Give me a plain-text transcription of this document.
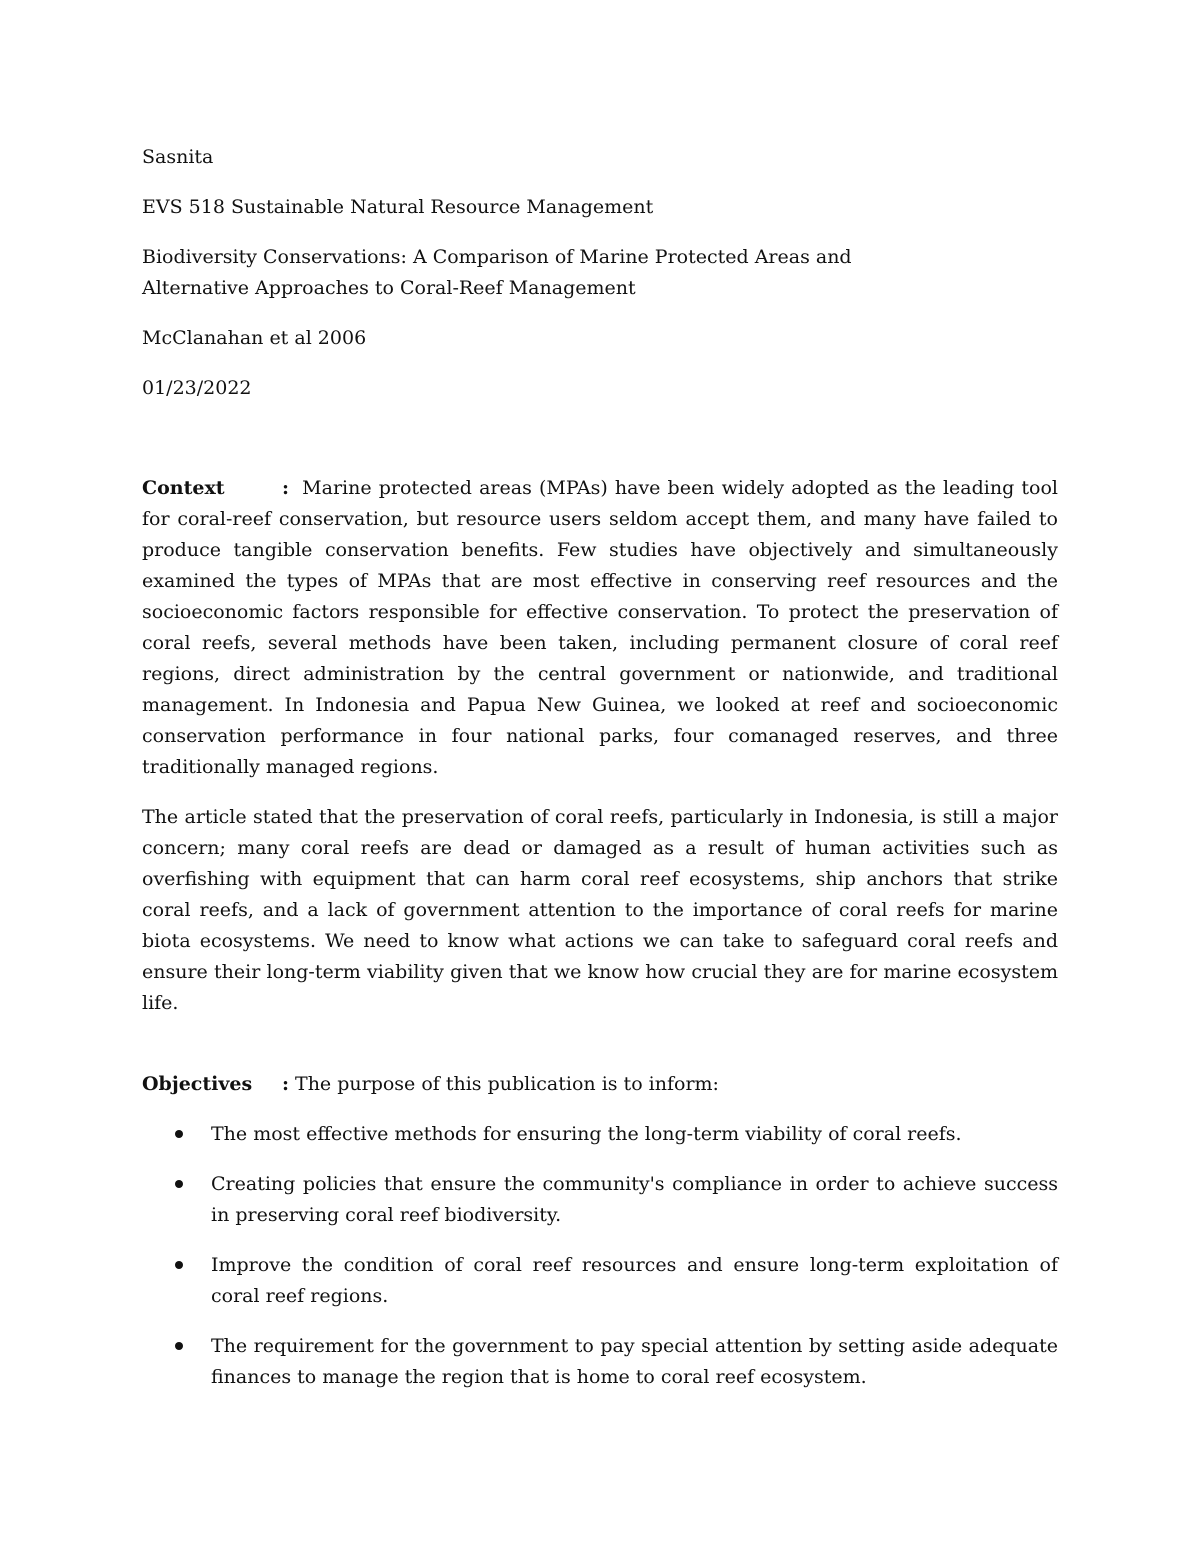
Sasnita

EVS 518 Sustainable Natural Resource Management

Biodiversity Conservations: A Comparison of Marine Protected Areas and Alternative Approaches to Coral-Reef Management

McClanahan et al 2006

01/23/2022

Context	: Marine protected areas (MPAs) have been widely adopted as the leading tool for coral-reef conservation, but resource users seldom accept them, and many have failed to produce tangible conservation benefits. Few studies have objectively and simultaneously examined the types of MPAs that are most effective in conserving reef resources and the socioeconomic factors responsible for effective conservation. To protect the preservation of coral reefs, several methods have been taken, including permanent closure of coral reef regions, direct administration by the central government or nationwide, and traditional management. In Indonesia and Papua New Guinea, we looked at reef and socioeconomic conservation performance in four national parks, four comanaged reserves, and three traditionally managed regions.

The article stated that the preservation of coral reefs, particularly in Indonesia, is still a major concern; many coral reefs are dead or damaged as a result of human activities such as overfishing with equipment that can harm coral reef ecosystems, ship anchors that strike coral reefs, and a lack of government attention to the importance of coral reefs for marine biota ecosystems. We need to know what actions we can take to safeguard coral reefs and ensure their long-term viability given that we know how crucial they are for marine ecosystem life.

Objectives : The purpose of this publication is to inform:

The most effective methods for ensuring the long-term viability of coral reefs.
Creating policies that ensure the community's compliance in order to achieve success in preserving coral reef biodiversity.
Improve the condition of coral reef resources and ensure long-term exploitation of coral reef regions.
The requirement for the government to pay special attention by setting aside adequate finances to manage the region that is home to coral reef ecosystem.
